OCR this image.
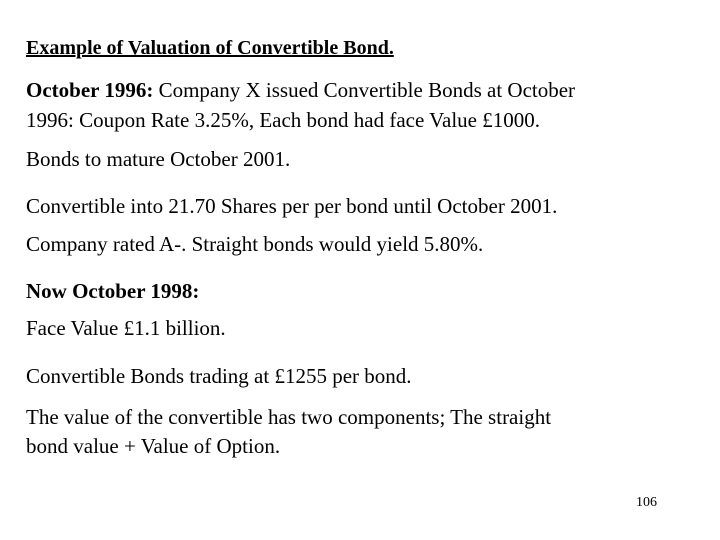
Example of Valuation of Convertible Bond.

October 1996: Company X issued Convertible Bonds at October

1996: Coupon Rate 3.25%, Each bond had face Value £1000.

Bonds to mature October 2001.

Convertible into 21.70 Shares per per bond until October 2001.

Company rated A-. Straight bonds would yield 5.80%.

Now October 1998:

Face Value £1.1 billion.

Convertible Bonds trading at £1255 per bond.

The value of the convertible has two components; The straight

bond value + Value of Option.

106
